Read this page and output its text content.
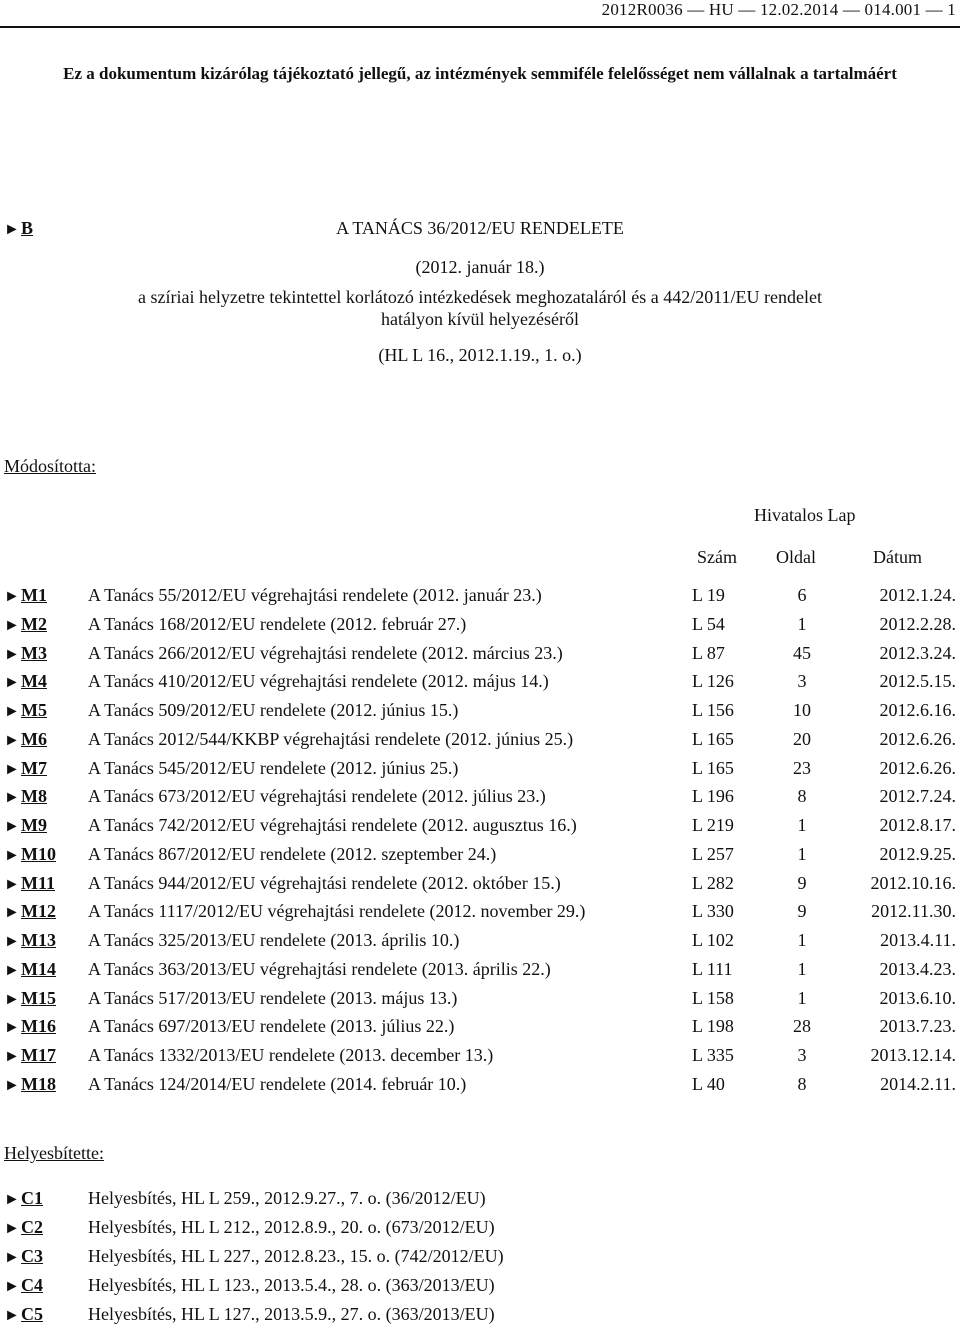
2012R0036 — HU — 12.02.2014 — 014.001 — 1
Ez a dokumentum kizárólag tájékoztató jellegű, az intézmények semmiféle felelősséget nem vállalnak a tartalmáért
►B	A TANÁCS 36/2012/EU RENDELETE
(2012. január 18.)
a szíriai helyzetre tekintettel korlátozó intézkedések meghozataláról és a 442/2011/EU rendelet
hatályon kívül helyezéséről
(HL L 16., 2012.1.19., 1. o.)
Módosította:
Hivatalos Lap
Szám Oldal	Dátum
►M1 A Tanács 55/2012/EU végrehajtási rendelete (2012. január 23.)	L 19	6	2012.1.24.
►M2 A Tanács 168/2012/EU rendelete (2012. február 27.)	L 54	1	2012.2.28.
►M3 A Tanács 266/2012/EU végrehajtási rendelete (2012. március 23.)	L 87	45	2012.3.24.
►M4 A Tanács 410/2012/EU végrehajtási rendelete (2012. május 14.)	L 126	3	2012.5.15.
►M5 A Tanács 509/2012/EU rendelete (2012. június 15.)	L 156	10	2012.6.16.
►M6 A Tanács 2012/544/KKBP végrehajtási rendelete (2012. június 25.)	L 165	20	2012.6.26.
►M7 A Tanács 545/2012/EU rendelete (2012. június 25.)	L 165	23	2012.6.26.
►M8 A Tanács 673/2012/EU végrehajtási rendelete (2012. július 23.)	L 196	8	2012.7.24.
►M9 A Tanács 742/2012/EU végrehajtási rendelete (2012. augusztus 16.)	L 219	1	2012.8.17.
►M10 A Tanács 867/2012/EU rendelete (2012. szeptember 24.)	L 257	1	2012.9.25.
►M11 A Tanács 944/2012/EU végrehajtási rendelete (2012. október 15.)	L 282	9	2012.10.16.
►M12 A Tanács 1117/2012/EU végrehajtási rendelete (2012. november 29.)	L 330	9	2012.11.30.
►M13 A Tanács 325/2013/EU rendelete (2013. április 10.)	L 102	1	2013.4.11.
►M14 A Tanács 363/2013/EU végrehajtási rendelete (2013. április 22.)	L 111	1	2013.4.23.
►M15 A Tanács 517/2013/EU rendelete (2013. május 13.)	L 158	1	2013.6.10.
►M16 A Tanács 697/2013/EU rendelete (2013. július 22.)	L 198	28	2013.7.23.
►M17 A Tanács 1332/2013/EU rendelete (2013. december 13.)	L 335	3	2013.12.14.
►M18 A Tanács 124/2014/EU rendelete (2014. február 10.)	L 40	8	2014.2.11.
Helyesbítette:
►C1	Helyesbítés, HL L 259., 2012.9.27., 7. o. (36/2012/EU)
►C2	Helyesbítés, HL L 212., 2012.8.9., 20. o. (673/2012/EU)
►C3	Helyesbítés, HL L 227., 2012.8.23., 15. o. (742/2012/EU)
►C4	Helyesbítés, HL L 123., 2013.5.4., 28. o. (363/2013/EU)
►C5	Helyesbítés, HL L 127., 2013.5.9., 27. o. (363/2013/EU)
